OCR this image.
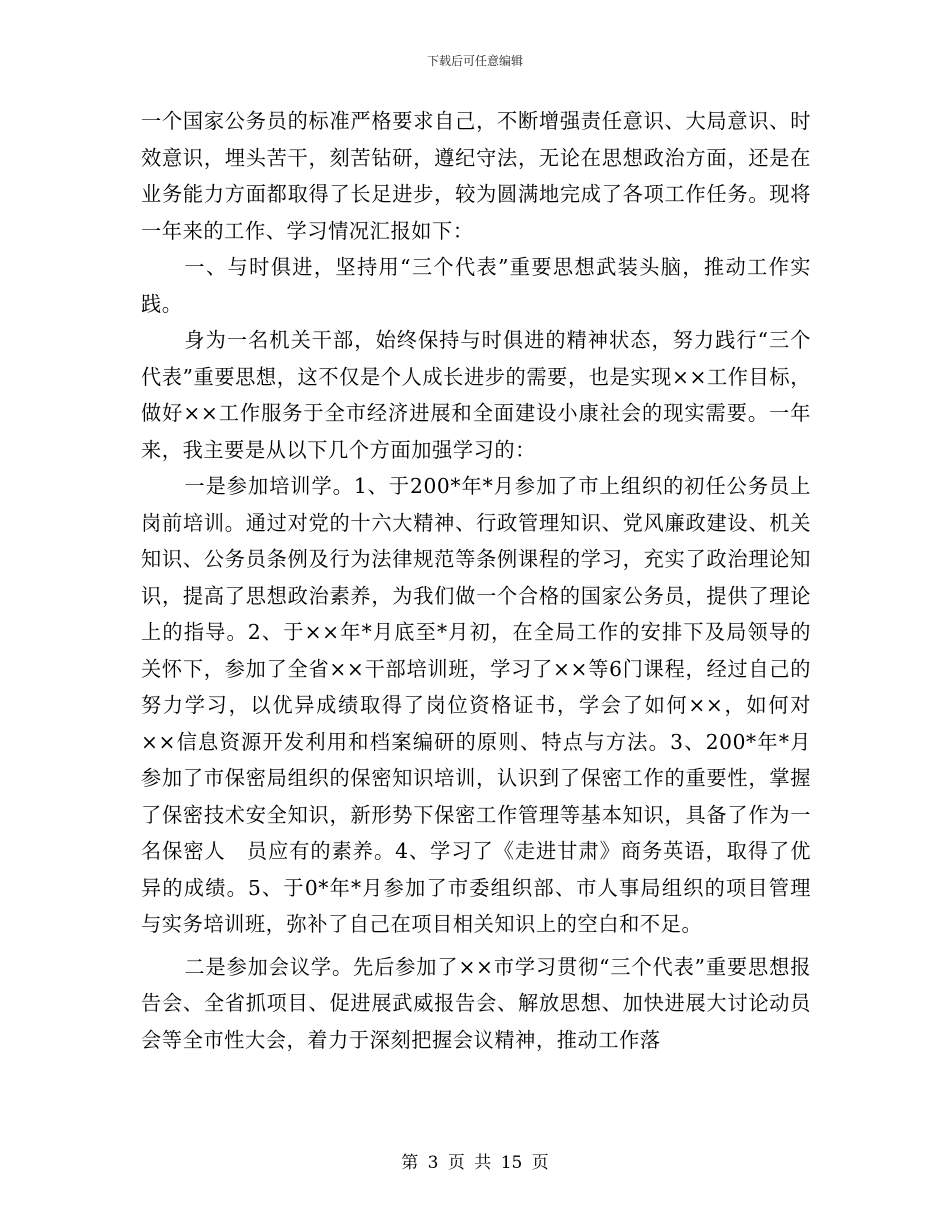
下载后可任意编辑

一个国家公务员的标准严格要求自己，不断增强责任意识、大局意识、时效意识，埋头苦干，刻苦钻研，遵纪守法，无论在思想政治方面，还是在业务能力方面都取得了长足进步，较为圆满地完成了各项工作任务。现将一年来的工作、学习情况汇报如下：

一、与时俱进，坚持用“三个代表”重要思想武装头脑，推动工作实践。

身为一名机关干部，始终保持与时俱进的精神状态，努力践行“三个代表”重要思想，这不仅是个人成长进步的需要，也是实现××工作目标，做好××工作服务于全市经济进展和全面建设小康社会的现实需要。一年来，我主要是从以下几个方面加强学习的：

一是参加培训学。1、于200*年*月参加了市上组织的初任公务员上岗前培训。通过对党的十六大精神、行政管理知识、党风廉政建设、机关知识、公务员条例及行为法律规范等条例课程的学习，充实了政治理论知识，提高了思想政治素养，为我们做一个合格的国家公务员，提供了理论上的指导。2、于××年*月底至*月初，在全局工作的安排下及局领导的关怀下，参加了全省××干部培训班，学习了××等6门课程，经过自己的努力学习，以优异成绩取得了岗位资格证书，学会了如何××，如何对××信息资源开发利用和档案编研的原则、特点与方法。3、200*年*月参加了市保密局组织的保密知识培训，认识到了保密工作的重要性，掌握了保密技术安全知识，新形势下保密工作管理等基本知识，具备了作为一名保密人　员应有的素养。4、学习了《走进甘肃》商务英语，取得了优异的成绩。5、于0*年*月参加了市委组织部、市人事局组织的项目管理与实务培训班，弥补了自己在项目相关知识上的空白和不足。

二是参加会议学。先后参加了××市学习贯彻“三个代表”重要思想报告会、全省抓项目、促进展武威报告会、解放思想、加快进展大讨论动员会等全市性大会，着力于深刻把握会议精神，推动工作落

第 3 页 共 15 页
